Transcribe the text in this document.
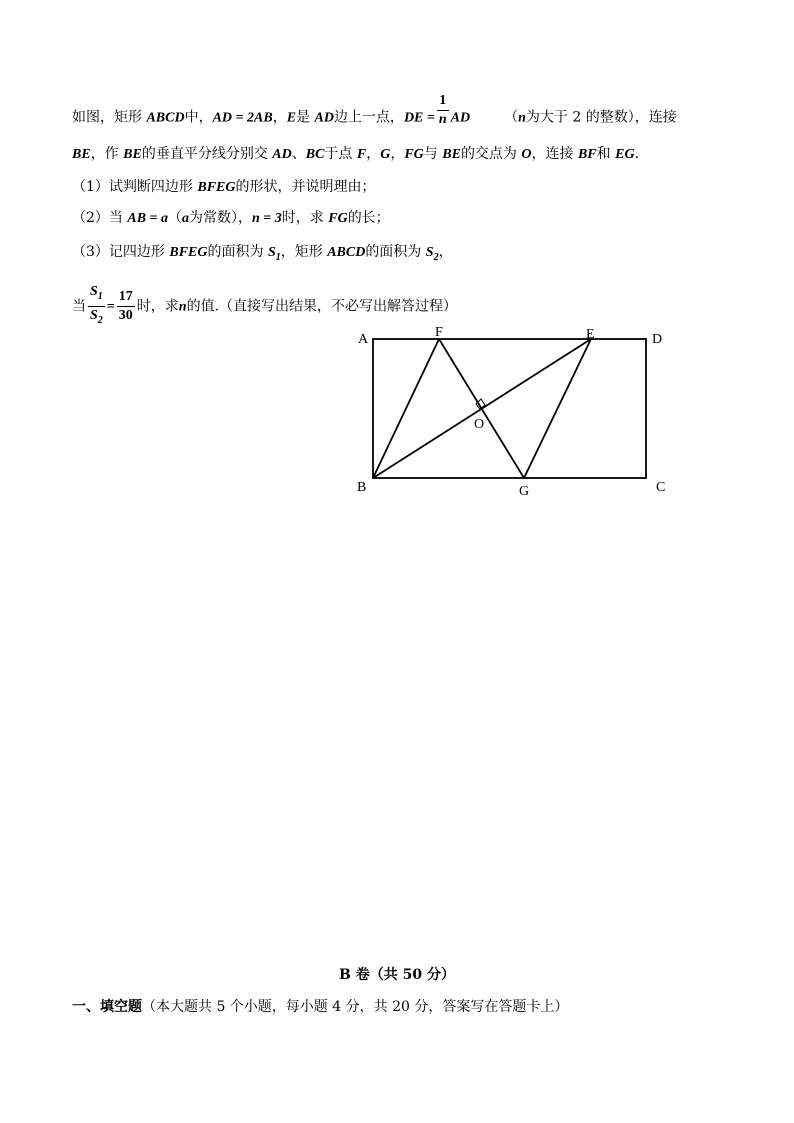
如图，矩形 ABCD中，AD = 2AB，E是 AD边上一点，DE = $\frac{1}{n}$ AD （n为大于 2 的整数），连接
BE，作 BE的垂直平分线分别交 AD、BC于点 F，G，FG与 BE的交点为 O，连接 BF和 EG.
（1）试判断四边形 BFEG的形状，并说明理由；
（2）当 AB = a（a为常数），n = 3时，求 FG的长；
（3）记四边形 BFEG的面积为 $S_1$，矩形 ABCD的面积为 $S_2$，
当 $\frac{S_1}{S_2} = \frac{17}{30}$ 时，求n的值.（直接写出结果，不必写出解答过程）
A	F	E	D
O
B	G	C
B 卷（共 50 分）
一、填空题（本大题共 5 个小题，每小题 4 分，共 20 分，答案写在答题卡上）
